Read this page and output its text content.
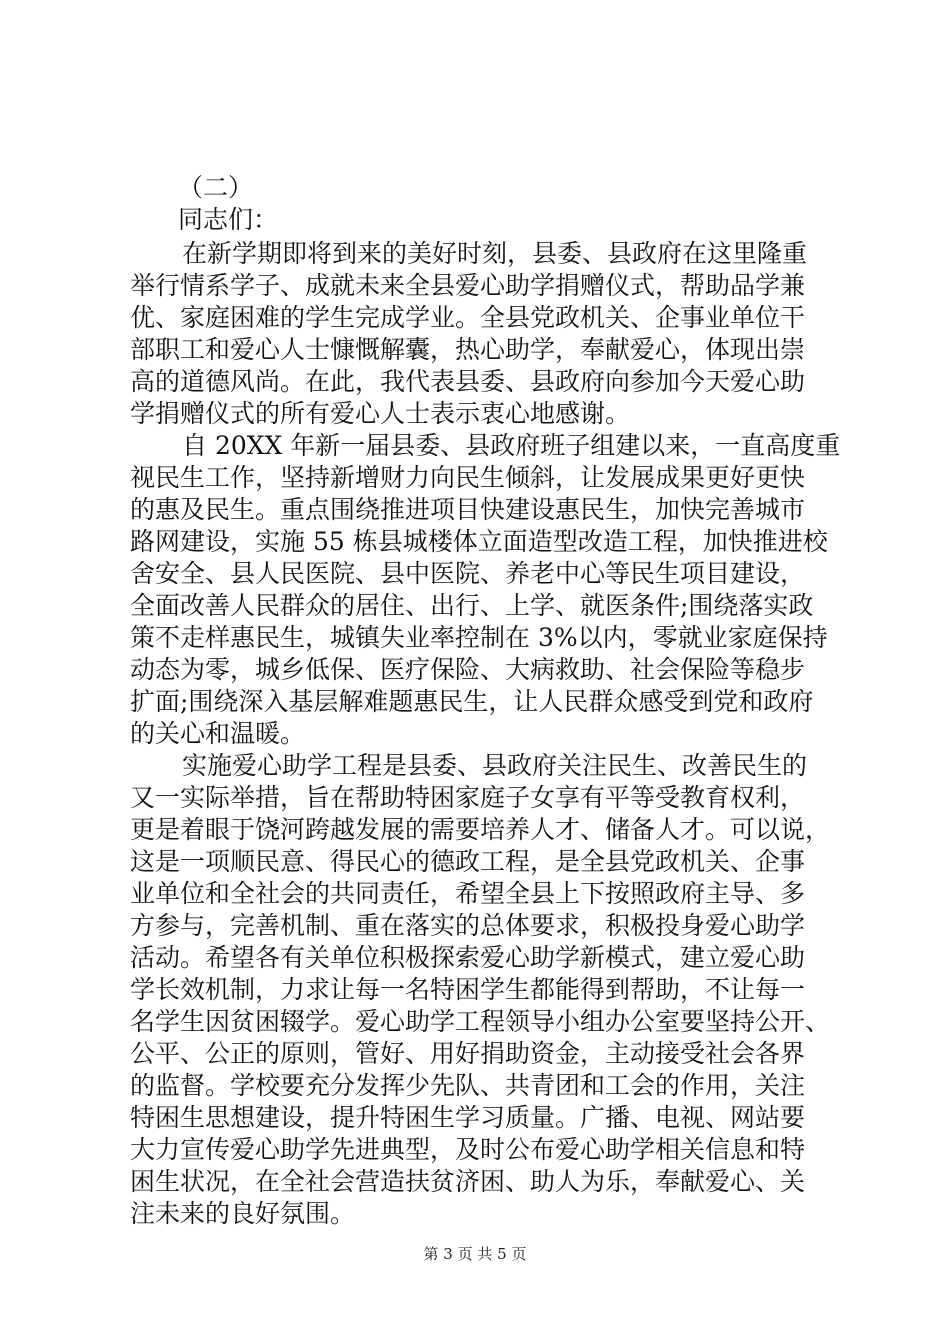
（二）
同志们：
在新学期即将到来的美好时刻，县委、县政府在这里隆重
举行情系学子、成就未来全县爱心助学捐赠仪式，帮助品学兼
优、家庭困难的学生完成学业。全县党政机关、企事业单位干
部职工和爱心人士慷慨解囊，热心助学，奉献爱心，体现出崇
高的道德风尚。在此，我代表县委、县政府向参加今天爱心助
学捐赠仪式的所有爱心人士表示衷心地感谢。
自 20XX 年新一届县委、县政府班子组建以来，一直高度重
视民生工作，坚持新增财力向民生倾斜，让发展成果更好更快
的惠及民生。重点围绕推进项目快建设惠民生，加快完善城市
路网建设，实施 55 栋县城楼体立面造型改造工程，加快推进校
舍安全、县人民医院、县中医院、养老中心等民生项目建设，
全面改善人民群众的居住、出行、上学、就医条件;围绕落实政
策不走样惠民生，城镇失业率控制在 3%以内，零就业家庭保持
动态为零，城乡低保、医疗保险、大病救助、社会保险等稳步
扩面;围绕深入基层解难题惠民生，让人民群众感受到党和政府
的关心和温暖。
实施爱心助学工程是县委、县政府关注民生、改善民生的
又一实际举措，旨在帮助特困家庭子女享有平等受教育权利，
更是着眼于饶河跨越发展的需要培养人才、储备人才。可以说，
这是一项顺民意、得民心的德政工程，是全县党政机关、企事
业单位和全社会的共同责任，希望全县上下按照政府主导、多
方参与，完善机制、重在落实的总体要求，积极投身爱心助学
活动。希望各有关单位积极探索爱心助学新模式，建立爱心助
学长效机制，力求让每一名特困学生都能得到帮助，不让每一
名学生因贫困辍学。爱心助学工程领导小组办公室要坚持公开、
公平、公正的原则，管好、用好捐助资金，主动接受社会各界
的监督。学校要充分发挥少先队、共青团和工会的作用，关注
特困生思想建设，提升特困生学习质量。广播、电视、网站要
大力宣传爱心助学先进典型，及时公布爱心助学相关信息和特
困生状况，在全社会营造扶贫济困、助人为乐，奉献爱心、关
注未来的良好氛围。
第 3 页 共 5 页
